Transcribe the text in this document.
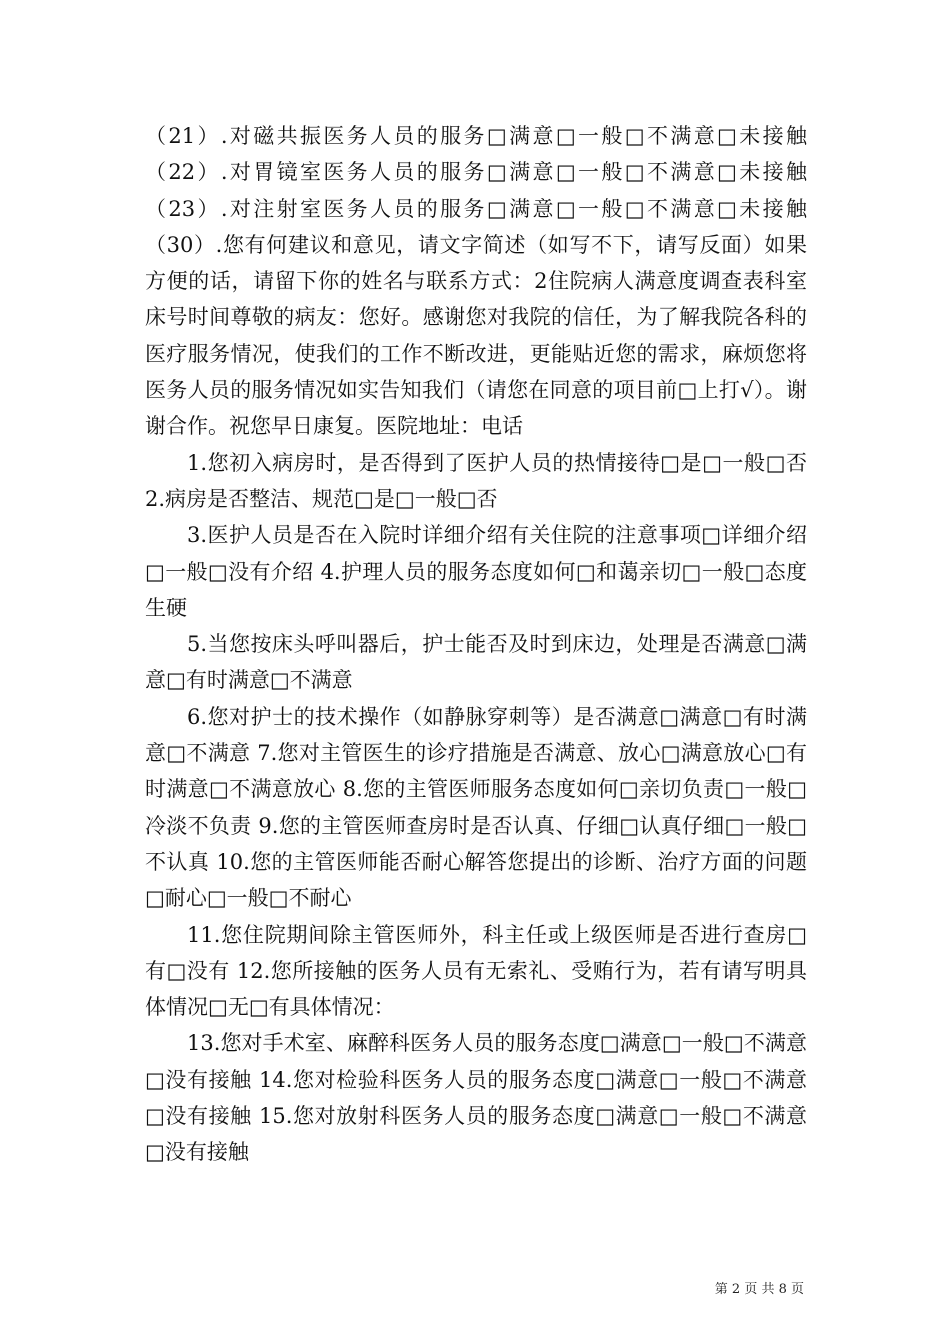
（21）.对磁共振医务人员的服务□满意□一般□不满意□未接触（22）.对胃镜室医务人员的服务□满意□一般□不满意□未接触（23）.对注射室医务人员的服务□满意□一般□不满意□未接触（30）.您有何建议和意见，请文字简述（如写不下，请写反面）如果方便的话，请留下你的姓名与联系方式：2住院病人满意度调查表科室床号时间尊敬的病友：您好。感谢您对我院的信任，为了解我院各科的医疗服务情况，使我们的工作不断改进，更能贴近您的需求，麻烦您将医务人员的服务情况如实告知我们（请您在同意的项目前□上打√）。谢谢合作。祝您早日康复。医院地址：电话

1.您初入病房时，是否得到了医护人员的热情接待□是□一般□否 2.病房是否整洁、规范□是□一般□否

3.医护人员是否在入院时详细介绍有关住院的注意事项□详细介绍□一般□没有介绍 4.护理人员的服务态度如何□和蔼亲切□一般□态度生硬

5.当您按床头呼叫器后，护士能否及时到床边，处理是否满意□满意□有时满意□不满意

6.您对护士的技术操作（如静脉穿刺等）是否满意□满意□有时满意□不满意 7.您对主管医生的诊疗措施是否满意、放心□满意放心□有时满意□不满意放心 8.您的主管医师服务态度如何□亲切负责□一般□冷淡不负责 9.您的主管医师查房时是否认真、仔细□认真仔细□一般□不认真 10.您的主管医师能否耐心解答您提出的诊断、治疗方面的问题□耐心□一般□不耐心

11.您住院期间除主管医师外，科主任或上级医师是否进行查房□有□没有 12.您所接触的医务人员有无索礼、受贿行为，若有请写明具体情况□无□有具体情况：

13.您对手术室、麻醉科医务人员的服务态度□满意□一般□不满意□没有接触 14.您对检验科医务人员的服务态度□满意□一般□不满意□没有接触 15.您对放射科医务人员的服务态度□满意□一般□不满意□没有接触

第 2 页 共 8 页
